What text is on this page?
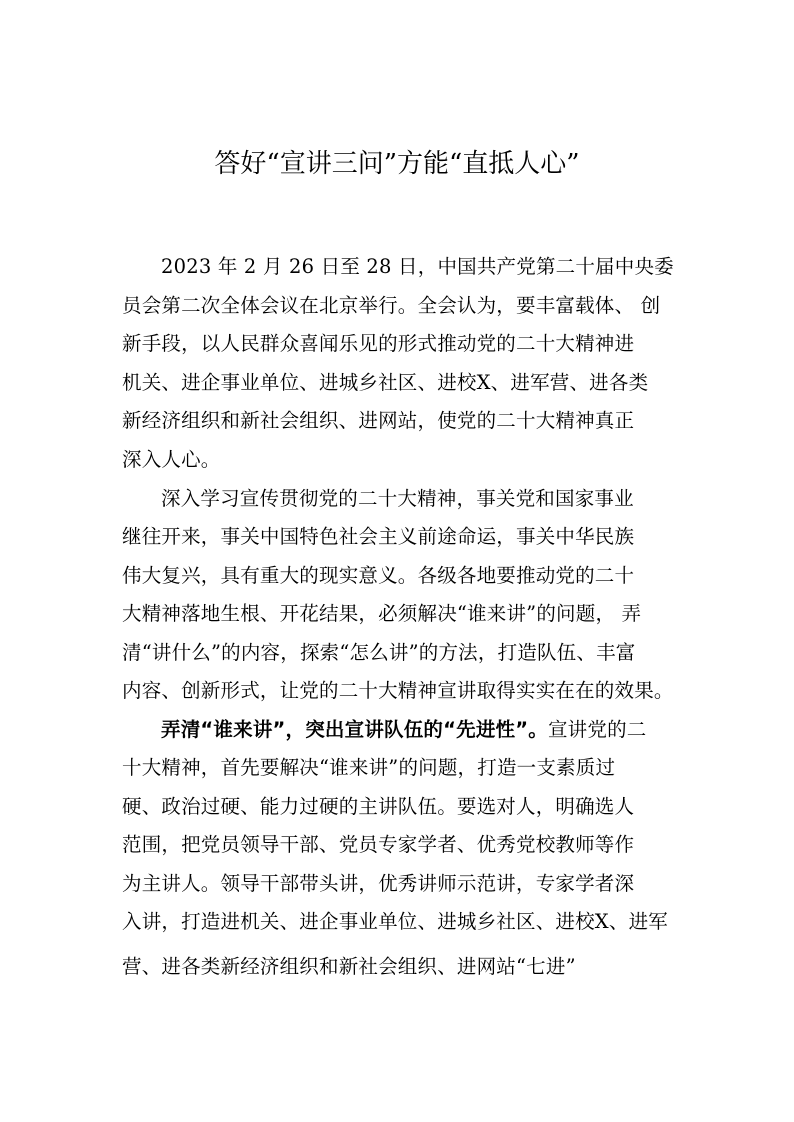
答好“宣讲三问”方能“直抵人心”
2023 年 2 月 26 日至 28 日，中国共产党第二十届中央委
员会第二次全体会议在北京举行。全会认为，要丰富载体、 创
新手段，以人民群众喜闻乐见的形式推动党的二十大精神进
机关、进企事业单位、进城乡社区、进校X、进军营、进各类
新经济组织和新社会组织、进网站，使党的二十大精神真正
深入人心。
深入学习宣传贯彻党的二十大精神，事关党和国家事业
继往开来，事关中国特色社会主义前途命运，事关中华民族
伟大复兴，具有重大的现实意义。各级各地要推动党的二十
大精神落地生根、开花结果，必须解决“谁来讲”的问题， 弄
清“讲什么”的内容，探索“怎么讲”的方法，打造队伍、丰富
内容、创新形式，让党的二十大精神宣讲取得实实在在的效果。
弄清“谁来讲”，突出宣讲队伍的“先进性”。宣讲党的二
十大精神，首先要解决“谁来讲”的问题，打造一支素质过
硬、政治过硬、能力过硬的主讲队伍。要选对人，明确选人
范围，把党员领导干部、党员专家学者、优秀党校教师等作
为主讲人。领导干部带头讲，优秀讲师示范讲，专家学者深
入讲，打造进机关、进企事业单位、进城乡社区、进校X、进军
营、进各类新经济组织和新社会组织、进网站“七进”
